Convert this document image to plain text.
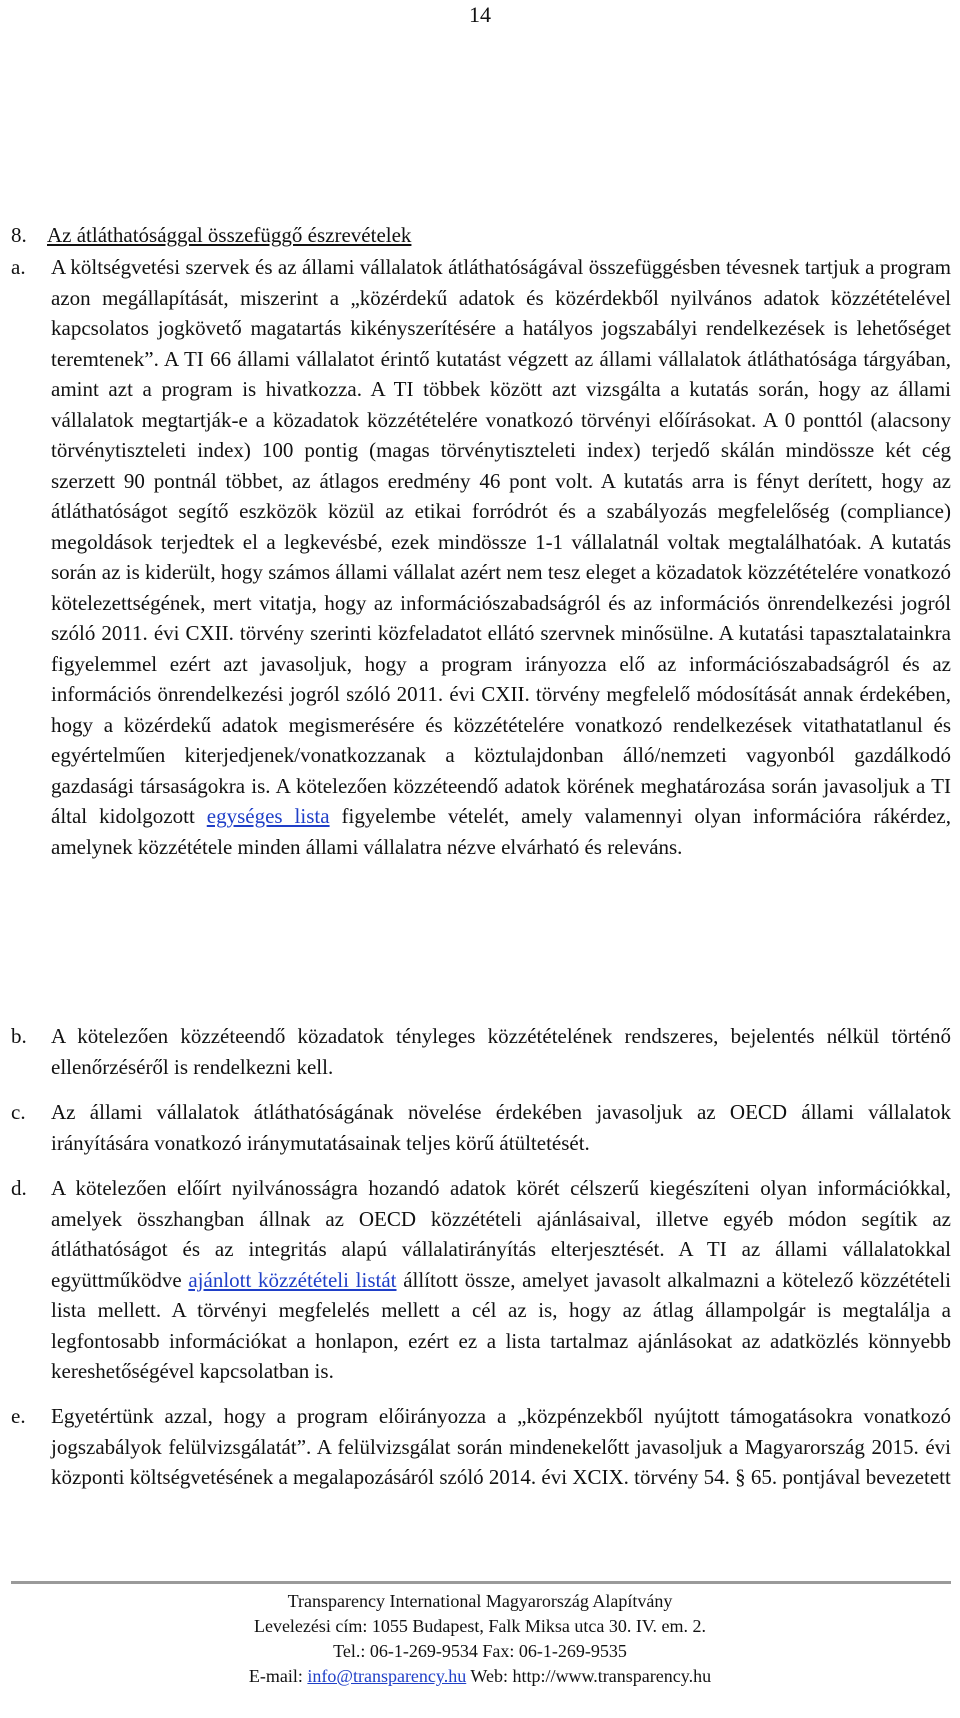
14
8. Az átláthatósággal összefüggő észrevételek
a. A költségvetési szervek és az állami vállalatok átláthatóságával összefüggésben tévesnek tartjuk a program azon megállapítását, miszerint a „közérdekű adatok és közérdekből nyilvános adatok közzétételével kapcsolatos jogkövető magatartás kikényszerítésére a hatályos jogszabályi rendelkezések is lehetőséget teremtenek”. A TI 66 állami vállalatot érintő kutatást végzett az állami vállalatok átláthatósága tárgyában, amint azt a program is hivatkozza. A TI többek között azt vizsgálta a kutatás során, hogy az állami vállalatok megtartják-e a közadatok közzétételére vonatkozó törvényi előírásokat. A 0 ponttól (alacsony törvénytiszteleti index) 100 pontig (magas törvénytiszteleti index) terjedő skálán mindössze két cég szerzett 90 pontnál többet, az átlagos eredmény 46 pont volt. A kutatás arra is fényt derített, hogy az átláthatóságot segítő eszközök közül az etikai forródrót és a szabályozás megfelelőség (compliance) megoldások terjedtek el a legkevésbé, ezek mindössze 1-1 vállalatnál voltak megtalálhatóak. A kutatás során az is kiderült, hogy számos állami vállalat azért nem tesz eleget a közadatok közzétételére vonatkozó kötelezettségének, mert vitatja, hogy az információszabadságról és az információs önrendelkezési jogról szóló 2011. évi CXII. törvény szerinti közfeladatot ellátó szervnek minősülne. A kutatási tapasztalatainkra figyelemmel ezért azt javasoljuk, hogy a program irányozza elő az információszabadságról és az információs önrendelkezési jogról szóló 2011. évi CXII. törvény megfelelő módosítását annak érdekében, hogy a közérdekű adatok megismerésére és közzétételére vonatkozó rendelkezések vitathatatlanul és egyértelműen kiterjedjenek/vonatkozzanak a köztulajdonban álló/nemzeti vagyonból gazdálkodó gazdasági társaságokra is. A kötelezően közzéteendő adatok körének meghatározása során javasoljuk a TI által kidolgozott egységes lista figyelembe vételét, amely valamennyi olyan információra rákérdez, amelynek közzététele minden állami vállalatra nézve elvárható és releváns.
b. A kötelezően közzéteendő közadatok tényleges közzétételének rendszeres, bejelentés nélkül történő ellenőrzéséről is rendelkezni kell.
c. Az állami vállalatok átláthatóságának növelése érdekében javasoljuk az OECD állami vállalatok irányítására vonatkozó iránymutatásainak teljes körű átültetését.
d. A kötelezően előírt nyilvánosságra hozandó adatok körét célszerű kiegészíteni olyan információkkal, amelyek összhangban állnak az OECD közzétételi ajánlásaival, illetve egyéb módon segítik az átláthatóságot és az integritás alapú vállalatirányítás elterjesztését. A TI az állami vállalatokkal együttműködve ajánlott közzétételi listát állított össze, amelyet javasolt alkalmazni a kötelező közzétételi lista mellett. A törvényi megfelelés mellett a cél az is, hogy az átlag állampolgár is megtalálja a legfontosabb információkat a honlapon, ezért ez a lista tartalmaz ajánlásokat az adatközlés könnyebb kereshetőségével kapcsolatban is.
e. Egyetértünk azzal, hogy a program előirányozza a „közpénzekből nyújtott támogatásokra vonatkozó jogszabályok felülvizsgálatát”. A felülvizsgálat során mindenekelőtt javasoljuk a Magyarország 2015. évi központi költségvetésének a megalapozásáról szóló 2014. évi XCIX. törvény 54. § 65. pontjával bevezetett
Transparency International Magyarország Alapítvány
Levelezési cím: 1055 Budapest, Falk Miksa utca 30. IV. em. 2.
Tel.: 06-1-269-9534 Fax: 06-1-269-9535
E-mail: info@transparency.hu Web: http://www.transparency.hu
